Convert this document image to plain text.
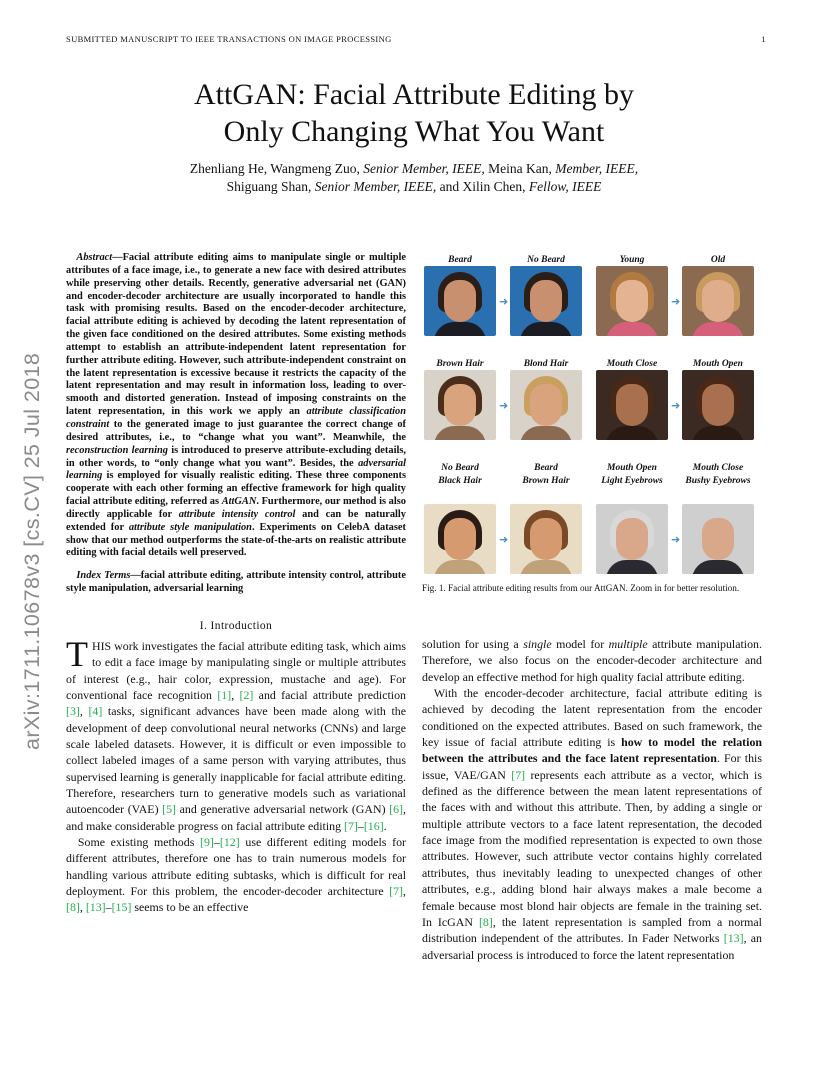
SUBMITTED MANUSCRIPT TO IEEE TRANSACTIONS ON IMAGE PROCESSING	1
AttGAN: Facial Attribute Editing by
Only Changing What You Want
Zhenliang He, Wangmeng Zuo, Senior Member, IEEE, Meina Kan, Member, IEEE,
Shiguang Shan, Senior Member, IEEE, and Xilin Chen, Fellow, IEEE
arXiv:1711.10678v3 [cs.CV] 25 Jul 2018

Abstract—Facial attribute editing aims to manipulate single or multiple attributes of a face image, i.e., to generate a new face with desired attributes while preserving other details. Recently, generative adversarial net (GAN) and encoder-decoder architecture are usually incorporated to handle this task with promising results. Based on the encoder-decoder architecture, facial attribute editing is achieved by decoding the latent representation of the given face conditioned on the desired attributes. Some existing methods attempt to establish an attribute-independent latent representation for further attribute editing. However, such attribute-independent constraint on the latent representation is excessive because it restricts the capacity of the latent representation and may result in information loss, leading to over-smooth and distorted generation. Instead of imposing constraints on the latent representation, in this work we apply an attribute classification constraint to the generated image to just guarantee the correct change of desired attributes, i.e., to “change what you want”. Meanwhile, the reconstruction learning is introduced to preserve attribute-excluding details, in other words, to “only change what you want”. Besides, the adversarial learning is employed for visually realistic editing. These three components cooperate with each other forming an effective framework for high quality facial attribute editing, referred as AttGAN. Furthermore, our method is also directly applicable for attribute intensity control and can be naturally extended for attribute style manipulation. Experiments on CelebA dataset show that our method outperforms the state-of-the-arts on realistic attribute editing with facial details well preserved.

Index Terms—facial attribute editing, attribute intensity control, attribute style manipulation, adversarial learning

I. Introduction

THIS work investigates the facial attribute editing task, which aims to edit a face image by manipulating single or multiple attributes of interest (e.g., hair color, expression, mustache and age). For conventional face recognition [1], [2] and facial attribute prediction [3], [4] tasks, significant advances have been made along with the development of deep convolutional neural networks (CNNs) and large scale labeled datasets. However, it is difficult or even impossible to collect labeled images of a same person with varying attributes, thus supervised learning is generally inapplicable for facial attribute editing. Therefore, researchers turn to generative models such as variational autoencoder (VAE) [5] and generative adversarial network (GAN) [6], and make considerable progress on facial attribute editing [7]–[16].

Some existing methods [9]–[12] use different editing models for different attributes, therefore one has to train numerous models for handling various attribute editing subtasks, which is difficult for real deployment. For this problem, the encoder-decoder architecture [7], [8], [13]–[15] seems to be an effective

Beard
➜
No Beard	Young
➜
Old
Brown Hair
➜
Blond Hair	Mouth Close
➜
Mouth Open
No Beard
Black Hair
➜
Beard
Brown Hair
Mouth Open
Light Eyebrows
➜
Mouth Close
Bushy Eyebrows
Fig. 1. Facial attribute editing results from our AttGAN. Zoom in for better resolution.

solution for using a single model for multiple attribute manipulation. Therefore, we also focus on the encoder-decoder architecture and develop an effective method for high quality facial attribute editing.

With the encoder-decoder architecture, facial attribute editing is achieved by decoding the latent representation from the encoder conditioned on the expected attributes. Based on such framework, the key issue of facial attribute editing is how to model the relation between the attributes and the face latent representation. For this issue, VAE/GAN [7] represents each attribute as a vector, which is defined as the difference between the mean latent representations of the faces with and without this attribute. Then, by adding a single or multiple attribute vectors to a face latent representation, the decoded face image from the modified representation is expected to own those attributes. However, such attribute vector contains highly correlated attributes, thus inevitably leading to unexpected changes of other attributes, e.g., adding blond hair always makes a male become a female because most blond hair objects are female in the training set. In IcGAN [8], the latent representation is sampled from a normal distribution independent of the attributes. In Fader Networks [13], an adversarial process is introduced to force the latent representation
